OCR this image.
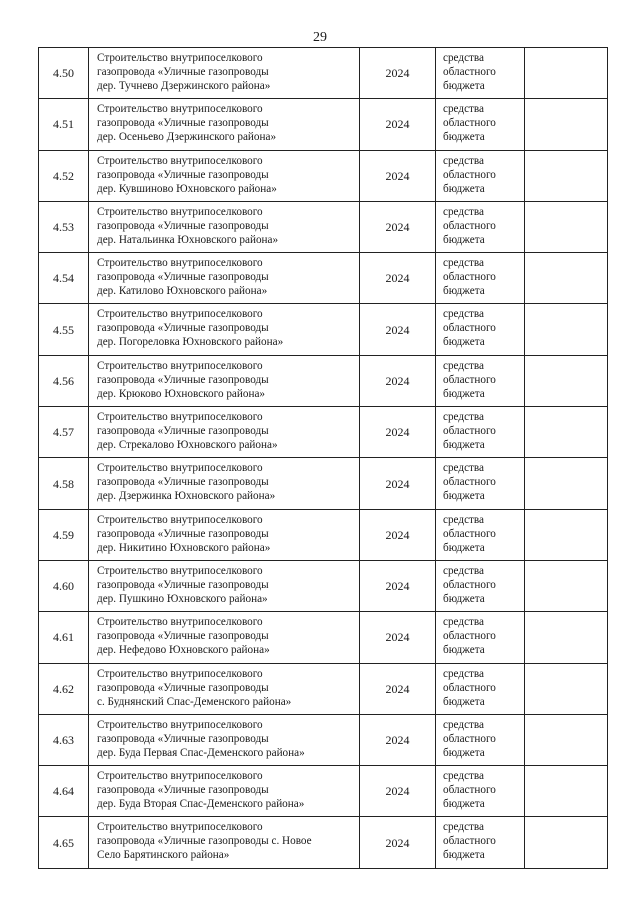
29
4.50
Строительство внутрипоселкового
газопровода «Уличные газопроводы
дер. Тучнево Дзержинского района»
2024
средства
областного
бюджета
4.51
Строительство внутрипоселкового
газопровода «Уличные газопроводы
дер. Осеньево Дзержинского района»
2024
средства
областного
бюджета
4.52
Строительство внутрипоселкового
газопровода «Уличные газопроводы
дер. Кувшиново Юхновского района»
2024
средства
областного
бюджета
4.53
Строительство внутрипоселкового
газопровода «Уличные газопроводы
дер. Натальинка Юхновского района»
2024
средства
областного
бюджета
4.54
Строительство внутрипоселкового
газопровода «Уличные газопроводы
дер. Катилово Юхновского района»
2024
средства
областного
бюджета
4.55
Строительство внутрипоселкового
газопровода «Уличные газопроводы
дер. Погореловка Юхновского района»
2024
средства
областного
бюджета
4.56
Строительство внутрипоселкового
газопровода «Уличные газопроводы
дер. Крюково Юхновского района»
2024
средства
областного
бюджета
4.57
Строительство внутрипоселкового
газопровода «Уличные газопроводы
дер. Стрекалово Юхновского района»
2024
средства
областного
бюджета
4.58
Строительство внутрипоселкового
газопровода «Уличные газопроводы
дер. Дзержинка Юхновского района»
2024
средства
областного
бюджета
4.59
Строительство внутрипоселкового
газопровода «Уличные газопроводы
дер. Никитино Юхновского района»
2024
средства
областного
бюджета
4.60
Строительство внутрипоселкового
газопровода «Уличные газопроводы
дер. Пушкино Юхновского района»
2024
средства
областного
бюджета
4.61
Строительство внутрипоселкового
газопровода «Уличные газопроводы
дер. Нефедово Юхновского района»
2024
средства
областного
бюджета
4.62
Строительство внутрипоселкового
газопровода «Уличные газопроводы
с. Буднянский Спас-Деменского района»
2024
средства
областного
бюджета
4.63
Строительство внутрипоселкового
газопровода «Уличные газопроводы
дер. Буда Первая Спас-Деменского района»
2024
средства
областного
бюджета
4.64
Строительство внутрипоселкового
газопровода «Уличные газопроводы
дер. Буда Вторая Спас-Деменского района»
2024
средства
областного
бюджета
4.65
Строительство внутрипоселкового
газопровода «Уличные газопроводы с. Новое
Село Барятинского района»
2024
средства
областного
бюджета
